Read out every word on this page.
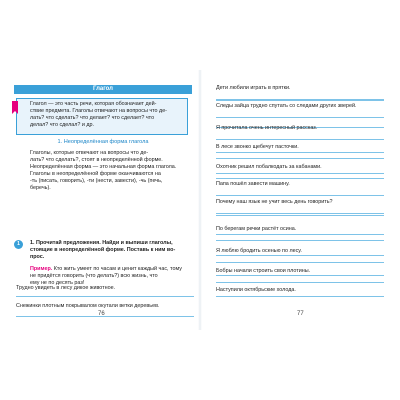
Глагол
Глагол — это часть речи, которая обозначает дей-
ствие предмета. Глаголы отвечают на вопросы что де-
лать? что сделать? что делает? что сделает? что
делал? что сделал? и др.
1. Неопределённая форма глагола

Глаголы, которые отвечают на вопросы что де-

лать? что сделать?, стоят в неопределённой форме.

Неопределённая форма — это начальная форма глагола.

Глаголы в неопределённой форме оканчиваются на

-ть (писать, говорить), -ти (нести, завести), -чь (печь,

беречь).

1	1. Прочитай предложения. Найди и выпиши глаголы,
стоящие в неопределённой форме. Поставь к ним во-
прос.
Пример. Кто жить умеет по часам и ценит каждый час, тому
не придётся говорить (что делать?) всю жизнь, что
ему не по десять раз!
Трудно увидеть в лесу дикое животное.
Снежинки плотным покрывалом окутали ветки деревьев.
76	77
Дети любили играть в прятки.
Следы зайца трудно спутать со следами других зверей.
Я прочитала очень интересный рассказ.
В лесе звонко щебечут пасточки.
Охотник решил побалкодать за кабанами.
Папа пошёл завести машину.
Почему наш язык не учит весь день говорить?
По берегам речки растёт осина.
Я люблю бродить осенью по лесу.
Бобры начали строить свои плотины.
Наступили октябрьские холода.
